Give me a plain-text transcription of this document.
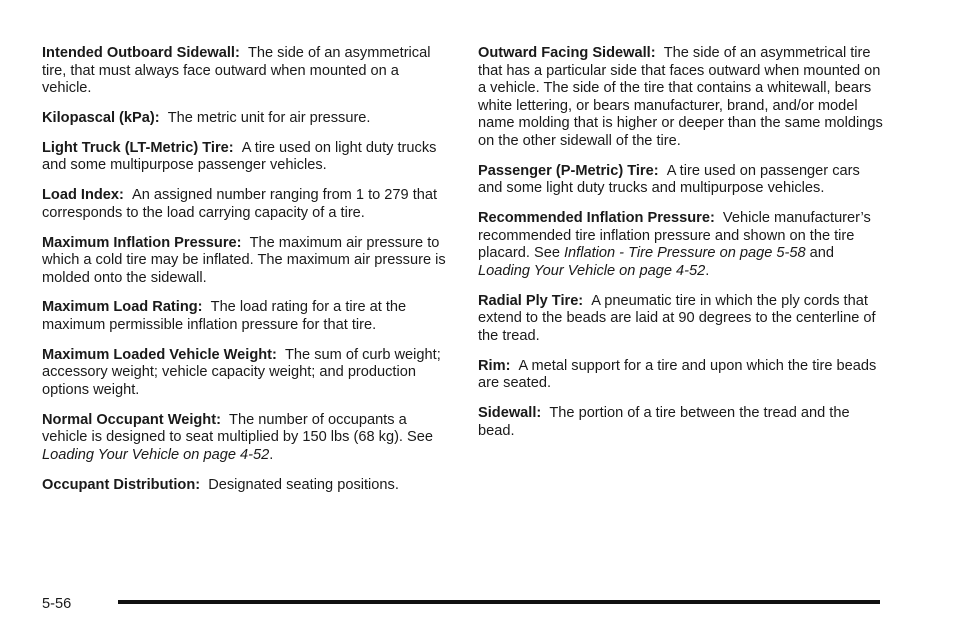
Intended Outboard Sidewall: The side of an asymmetrical tire, that must always face outward when mounted on a vehicle.

Kilopascal (kPa): The metric unit for air pressure.

Light Truck (LT-Metric) Tire: A tire used on light duty trucks and some multipurpose passenger vehicles.

Load Index: An assigned number ranging from 1 to 279 that corresponds to the load carrying capacity of a tire.

Maximum Inflation Pressure: The maximum air pressure to which a cold tire may be inflated. The maximum air pressure is molded onto the sidewall.

Maximum Load Rating: The load rating for a tire at the maximum permissible inflation pressure for that tire.

Maximum Loaded Vehicle Weight: The sum of curb weight; accessory weight; vehicle capacity weight; and production options weight.

Normal Occupant Weight: The number of occupants a vehicle is designed to seat multiplied by 150 lbs (68 kg). See Loading Your Vehicle on page 4-52.

Occupant Distribution: Designated seating positions.

Outward Facing Sidewall: The side of an asymmetrical tire that has a particular side that faces outward when mounted on a vehicle. The side of the tire that contains a whitewall, bears white lettering, or bears manufacturer, brand, and/or model name molding that is higher or deeper than the same moldings on the other sidewall of the tire.

Passenger (P-Metric) Tire: A tire used on passenger cars and some light duty trucks and multipurpose vehicles.

Recommended Inflation Pressure: Vehicle manufacturer’s recommended tire inflation pressure and shown on the tire placard. See Inflation - Tire Pressure on page 5-58 and Loading Your Vehicle on page 4-52.

Radial Ply Tire: A pneumatic tire in which the ply cords that extend to the beads are laid at 90 degrees to the centerline of the tread.

Rim: A metal support for a tire and upon which the tire beads are seated.

Sidewall: The portion of a tire between the tread and the bead.

5-56
